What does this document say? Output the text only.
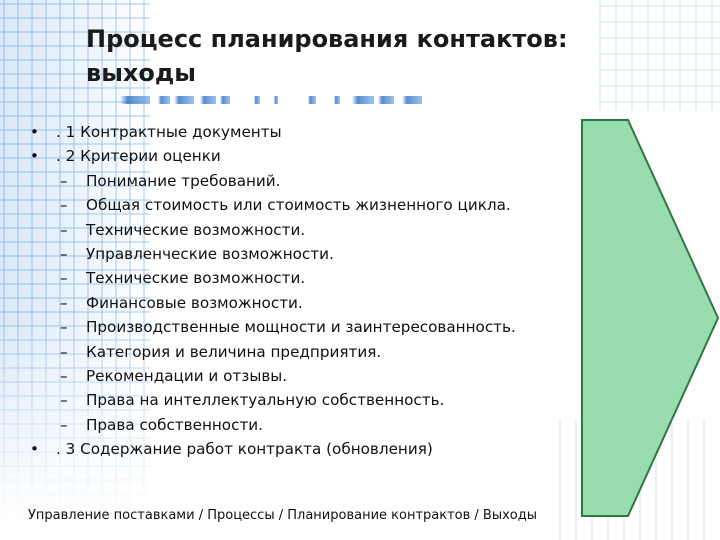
Процесс планирования контактов:
выходы
• . 1 Контрактные документы
• . 2 Критерии оценки
– Понимание требований.
– Общая стоимость или стоимость жизненного цикла.
– Технические возможности.
– Управленческие возможности.
– Технические возможности.
– Финансовые возможности.
– Производственные мощности и заинтересованность.
– Категория и величина предприятия.
– Рекомендации и отзывы.
– Права на интеллектуальную собственность.
– Права собственности.
• . 3 Содержание работ контракта (обновления)
Управление поставками / Процессы / Планирование контрактов / Выходы
